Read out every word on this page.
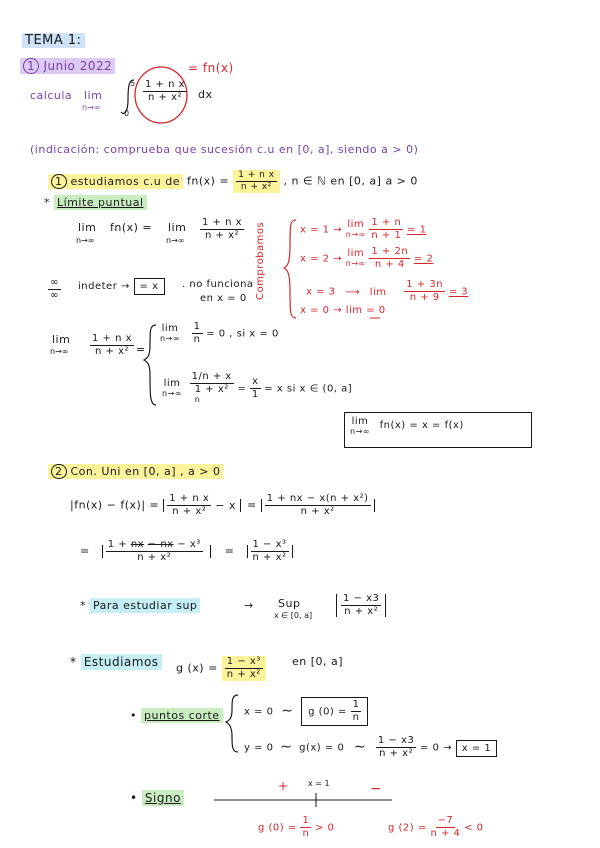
TEMA 1:
1 Junio 2022
calcula lim
n→∞
5
0
$\frac{\text{1 + n x}}{\text{n + x²}}$ dx
= fn(x)
(indicación: comprueba que sucesión c.u en [0, a], siendo a > 0)
1 estudiamos c.u de $fn(x) = \frac{\text{1 + n x}}{\text{n + x²}}$ , n ∈ ℕ en [0, a] a > 0
* Límite puntual
lim
n→∞
fn(x) = lim
$n\to\infty \frac{\text{1 + n x}}{\text{n + x²}}$ Comprobamos	x = 1 → lim
$n\to\infty \frac{1 + n}{n + 1} = 1$
x = 2 → lim
$n\to\infty \frac{1 + 2n}{n + 4} = 2$
x = 3 ⟶ $\lim \frac{1 + 3n}{n + 9} = 3$
x = 0 → lim = 0
$\frac{\infty}{\infty}$ indeter → = x	. no funciona
en x = 0
lim
$n\to\infty \frac{\text{1 + n x}}{\text{n + x²}}$ =
lim
$n\to\infty \frac{1}{n} = 0$ , si x = 0
lim
n→∞
1/n + x
1 + x²
n
= $\frac{x}{1} = x$ si x ∈ (0, a]
lim
n→∞ fn(x) = x = f(x)
2 Con. Uni en [0, a] , a > 0
$|fn(x) - f(x)| = \frac{\text{1 + n x}}{\text{n + x²}} - x = \frac{\text{1 + nx − x(n + x²)}}{\text{n + x²}}$
= $\frac{\text{1 + nx − nx − x³}}{\text{n + x²}} = \frac{\text{1 − x³}}{\text{n + x²}}$
* Para estudiar sup	→ Sup
x ∈ [0, a]	$\frac{1 - x3}{\text{n + x²}}$
* Estudiamos g $(x) = \frac{\text{1 − x³}}{\text{n + x²}}$ en [0, a]
• puntos corte	x = 0 ∼ g $(0) = \frac{1}{n}$
y = 0 ∼ g(x) = 0 ∼ $\frac{1 - x3}{\text{n + x²}} = 0 \to x = 1$
• Signo
+	−
x = 1
g $(0) = \frac{1}{n} > 0$	g $(2) = \frac{-7}{n + 4} < 0$
